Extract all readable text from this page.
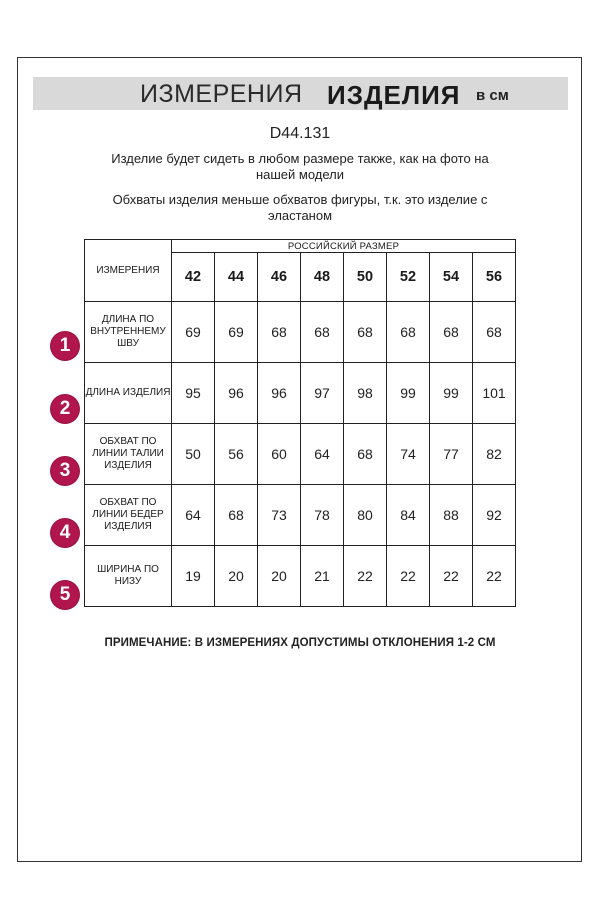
ИЗМЕРЕНИЯ ИЗДЕЛИЯ в см
D44.131
Изделие будет сидеть в любом размере также, как на фото на нашей модели
Обхваты изделия меньше обхватов фигуры, т.к. это изделие с эластаном
ИЗМЕРЕНИЯ	РОССИЙСКИЙ РАЗМЕР							
	42	44	46	48	50	52	54	56
ДЛИНА ПО ВНУТРЕННЕМУ ШВУ	69	69	68	68	68	68	68	68
ДЛИНА ИЗДЕЛИЯ	95	96	96	97	98	99	99	101
ОБХВАТ ПО ЛИНИИ ТАЛИИ ИЗДЕЛИЯ	50	56	60	64	68	74	77	82
ОБХВАТ ПО ЛИНИИ БЕДЕР ИЗДЕЛИЯ	64	68	73	78	80	84	88	92
ШИРИНА ПО НИЗУ	19	20	20	21	22	22	22	22
1
2
3
4
5
ПРИМЕЧАНИЕ: В ИЗМЕРЕНИЯХ ДОПУСТИМЫ ОТКЛОНЕНИЯ 1-2 СМ
